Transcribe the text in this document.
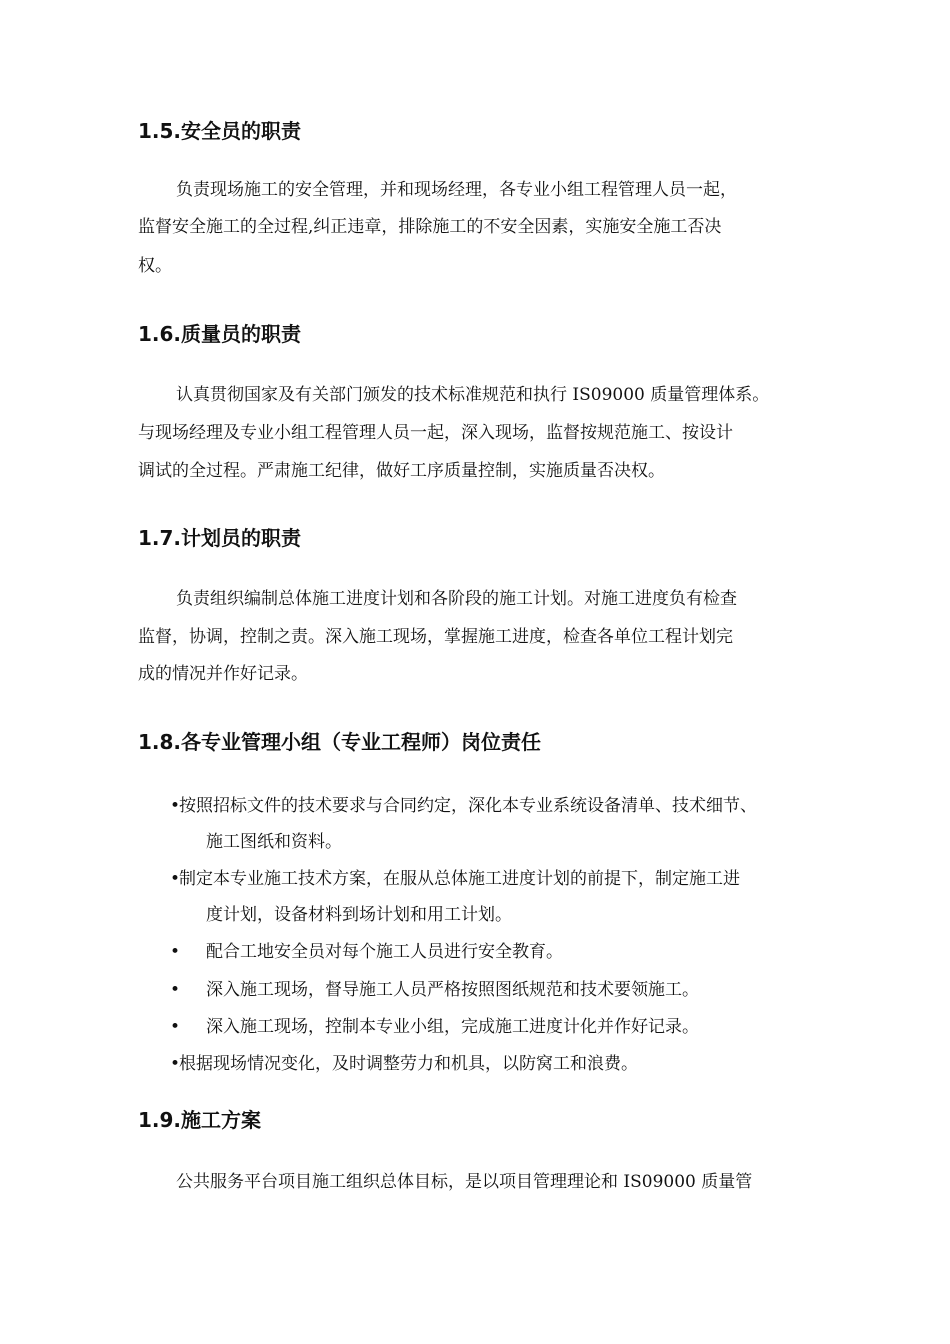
1.5.安全员的职责

负责现场施工的安全管理，并和现场经理，各专业小组工程管理人员一起，

监督安全施工的全过程,纠正违章，排除施工的不安全因素，实施安全施工否决

权。

1.6.质量员的职责

认真贯彻国家及有关部门颁发的技术标准规范和执行 IS09000 质量管理体系。

与现场经理及专业小组工程管理人员一起，深入现场，监督按规范施工、按设计

调试的全过程。严肃施工纪律，做好工序质量控制，实施质量否决权。

1.7.计划员的职责

负责组织编制总体施工进度计划和各阶段的施工计划。对施工进度负有检查

监督，协调，控制之责。深入施工现场，掌握施工进度，检查各单位工程计划完

成的情况并作好记录。

1.8.各专业管理小组（专业工程师）岗位责任
•
按照招标文件的技术要求与合同约定，深化本专业系统设备清单、技术细节、
施工图纸和资料。
•
制定本专业施工技术方案，在服从总体施工进度计划的前提下，制定施工进
度计划，设备材料到场计划和用工计划。
• 配合工地安全员对每个施工人员进行安全教育。
• 深入施工现场，督导施工人员严格按照图纸规范和技术要领施工。
• 深入施工现场，控制本专业小组，完成施工进度计化并作好记录。
•
根据现场情况变化，及时调整劳力和机具，以防窝工和浪费。
1.9.施工方案

公共服务平台项目施工组织总体目标，是以项目管理理论和 IS09000 质量管
